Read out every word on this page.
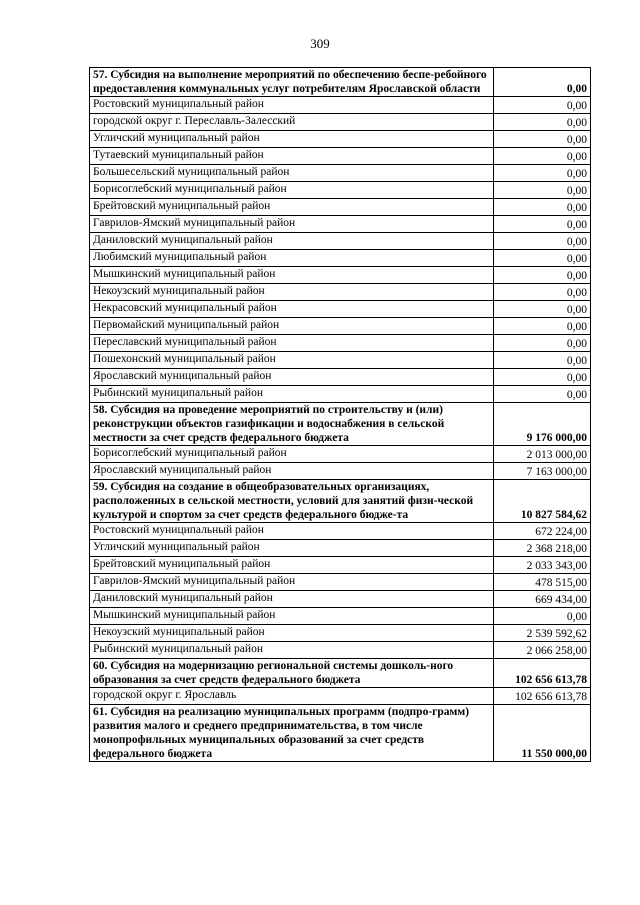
309
57. Субсидия на выполнение мероприятий по обеспечению беспе-ребойного предоставления коммунальных услуг потребителям Ярославской области	0,00
Ростовский муниципальный район	0,00
городской округ г. Переславль-Залесский	0,00
Угличский муниципальный район	0,00
Тутаевский муниципальный район	0,00
Большесельский муниципальный район	0,00
Борисоглебский муниципальный район	0,00
Брейтовский муниципальный район	0,00
Гаврилов-Ямский муниципальный район	0,00
Даниловский муниципальный район	0,00
Любимский муниципальный район	0,00
Мышкинский муниципальный район	0,00
Некоузский муниципальный район	0,00
Некрасовский муниципальный район	0,00
Первомайский муниципальный район	0,00
Переславский муниципальный район	0,00
Пошехонский муниципальный район	0,00
Ярославский муниципальный район	0,00
Рыбинский муниципальный район	0,00
58. Субсидия на проведение мероприятий по строительству и (или) реконструкции объектов газификации и водоснабжения в сельской местности за счет средств федерального бюджета	9 176 000,00
Борисоглебский муниципальный район	2 013 000,00
Ярославский муниципальный район	7 163 000,00
59. Субсидия на создание в общеобразовательных организациях, расположенных в сельской местности, условий для занятий физи-ческой культурой и спортом за счет средств федерального бюдже-та	10 827 584,62
Ростовский муниципальный район	672 224,00
Угличский муниципальный район	2 368 218,00
Брейтовский муниципальный район	2 033 343,00
Гаврилов-Ямский муниципальный район	478 515,00
Даниловский муниципальный район	669 434,00
Мышкинский муниципальный район	0,00
Некоузский муниципальный район	2 539 592,62
Рыбинский муниципальный район	2 066 258,00
60. Субсидия на модернизацию региональной системы дошколь-ного образования за счет средств федерального бюджета	102 656 613,78
городской округ г. Ярославль	102 656 613,78
61. Субсидия на реализацию муниципальных программ (подпро-грамм) развития малого и среднего предпринимательства, в том числе монопрофильных муниципальных образований за счет средств федерального бюджета	11 550 000,00
